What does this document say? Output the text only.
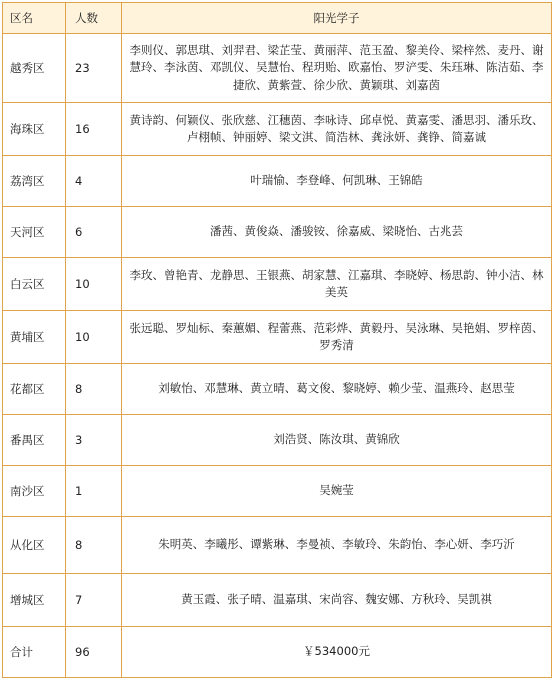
区名	人数	阳光学子
越秀区	23	李则仪、郭思琪、刘羿君、梁芷莹、黄丽萍、范玉盈、黎美伶、梁梓然、麦丹、谢慧玲、李泳茵、邓凯仪、吴慧怡、程玥贻、欧嘉怡、罗浐雯、朱珏琳、陈洁茹、李捷欣、黄紫萱、徐少欣、黄颖琪、刘嘉茵
海珠区	16	黄诗韵、何颖仪、张欣慈、江穗茵、李咏诗、邱卓悦、黄嘉雯、潘思羽、潘乐玫、卢栩帧、钟丽婷、梁文淇、简浩林、龚泳妍、龚铮、简嘉诚
荔湾区	4	叶瑞愉、李登峰、何凯琳、王锦皓
天河区	6	潘茜、黄俊焱、潘骏铵、徐嘉威、梁晓怡、古兆芸
白云区	10	李玫、曾艳青、龙静思、王银燕、胡家慧、江嘉琪、李晓婷、杨思韵、钟小洁、林美英
黄埔区	10	张远聪、罗灿标、秦蕙媚、程蕾燕、范彩烨、黄毅丹、吴泳琳、吴艳娟、罗梓茵、罗秀清
花都区	8	刘敏怡、邓慧琳、黄立晴、葛文俊、黎晓婷、赖少莹、温燕玲、赵思莹
番禺区	3	刘浩贤、陈汝琪、黄锦欣
南沙区	1	吴婉莹
从化区	8	朱明英、李曦彤、谭紫琳、李曼祯、李敏玲、朱韵怡、李心妍、李巧沂
增城区	7	黄玉霞、张子晴、温嘉琪、宋尚容、魏安娜、方秋玲、吴凯祺
合计	96	￥534000元
